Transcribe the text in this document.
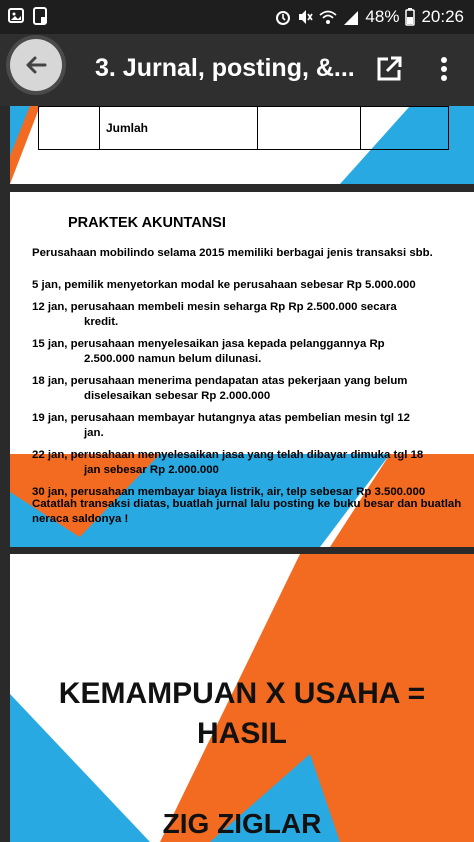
48% 20:26
3. Jurnal, posting, &...
	Jumlah		
PRAKTEK AKUNTANSI
Perusahaan mobilindo selama 2015 memiliki berbagai jenis transaksi sbb.
5 jan, pemilik menyetorkan modal ke perusahaan sebesar Rp 5.000.000
12 jan, perusahaan membeli mesin seharga Rp Rp 2.500.000 secara
kredit.
15 jan, perusahaan menyelesaikan jasa kepada pelanggannya Rp
2.500.000 namun belum dilunasi.
18 jan, perusahaan menerima pendapatan atas pekerjaan yang belum
diselesaikan sebesar Rp 2.000.000
19 jan, perusahaan membayar hutangnya atas pembelian mesin tgl 12
jan.
22 jan, perusahaan menyelesaikan jasa yang telah dibayar dimuka tgl 18
jan sebesar Rp 2.000.000
30 jan, perusahaan membayar biaya listrik, air, telp sebesar Rp 3.500.000
Catatlah transaksi diatas, buatlah jurnal lalu posting ke buku besar dan buatlah neraca saldonya !
KEMAMPUAN X USAHA =
HASIL
ZIG ZIGLAR
